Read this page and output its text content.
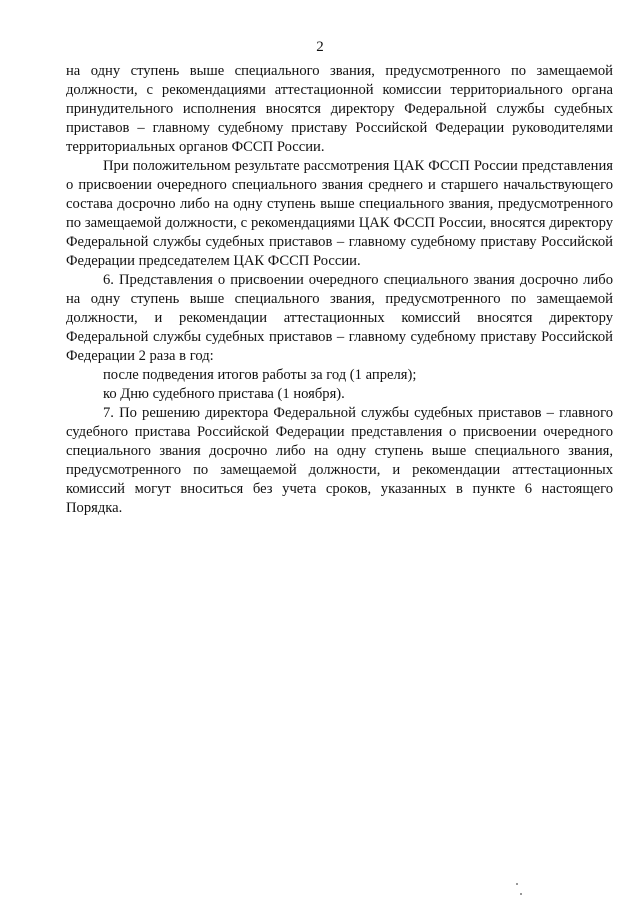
2

на одну ступень выше специального звания, предусмотренного по замещаемой должности, с рекомендациями аттестационной комиссии территориального органа принудительного исполнения вносятся директору Федеральной службы судебных приставов – главному судебному приставу Российской Федерации руководителями территориальных органов ФССП России.

При положительном результате рассмотрения ЦАК ФССП России представления о присвоении очередного специального звания среднего и старшего начальствующего состава досрочно либо на одну ступень выше специального звания, предусмотренного по замещаемой должности, с рекомендациями ЦАК ФССП России, вносятся директору Федеральной службы судебных приставов – главному судебному приставу Российской Федерации председателем ЦАК ФССП России.

6. Представления о присвоении очередного специального звания досрочно либо на одну ступень выше специального звания, предусмотренного по замещаемой должности, и рекомендации аттестационных комиссий вносятся директору Федеральной службы судебных приставов – главному судебному приставу Российской Федерации 2 раза в год:

после подведения итогов работы за год (1 апреля);

ко Дню судебного пристава (1 ноября).

7. По решению директора Федеральной службы судебных приставов – главного судебного пристава Российской Федерации представления о присвоении очередного специального звания досрочно либо на одну ступень выше специального звания, предусмотренного по замещаемой должности, и рекомендации аттестационных комиссий могут вноситься без учета сроков, указанных в пункте 6 настоящего Порядка.
